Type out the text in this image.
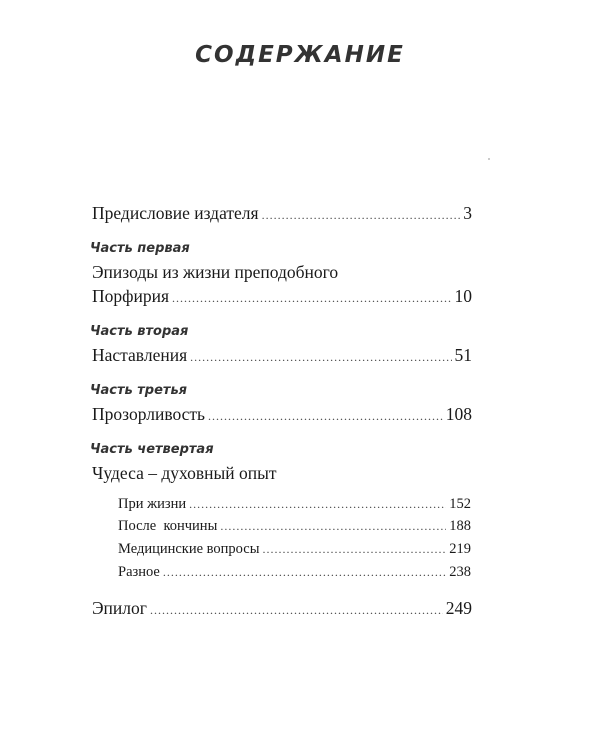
СОДЕРЖАНИЕ
Предисловие издателя .....	3
Часть первая
Эпизоды из жизни преподобного
Порфирия .....	10
Часть вторая
Наставления .....	51
Часть третья
Прозорливость .....	108
Часть четвертая
Чудеса – духовный опыт
При жизни .....	152
После  кончины .....	188
Медицинские вопросы .....	219
Разное .....	238
Эпилог .....	249
